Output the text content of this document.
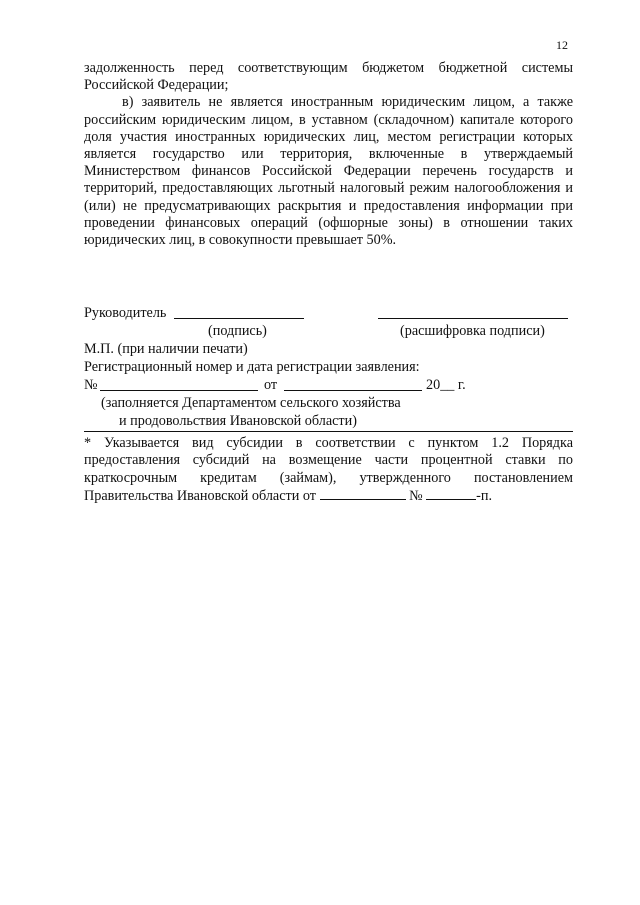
12

задолженность перед соответствующим бюджетом бюджетной системы Российской Федерации;

в) заявитель не является иностранным юридическим лицом, а также российским юридическим лицом, в уставном (складочном) капитале которого доля участия иностранных юридических лиц, местом регистрации которых является государство или территория, включенные в утверждаемый Министерством финансов Российской Федерации перечень государств и территорий, предоставляющих льготный налоговый режим налогообложения и (или) не предусматривающих раскрытия и предоставления информации при проведении финансовых операций (офшорные зоны) в отношении таких юридических лиц, в совокупности превышает 50%.

Руководитель
(подпись)	(расшифровка подписи)
М.П. (при наличии печати)
Регистрационный номер и дата регистрации заявления:
№	от	20__ г.
(заполняется Департаментом сельского хозяйства
и продовольствия Ивановской области)

* Указывается вид субсидии в соответствии с пунктом 1.2 Порядка предоставления субсидий на возмещение части процентной ставки по краткосрочным кредитам (займам), утвержденного постановлением Правительства Ивановской области от	№	-п.
